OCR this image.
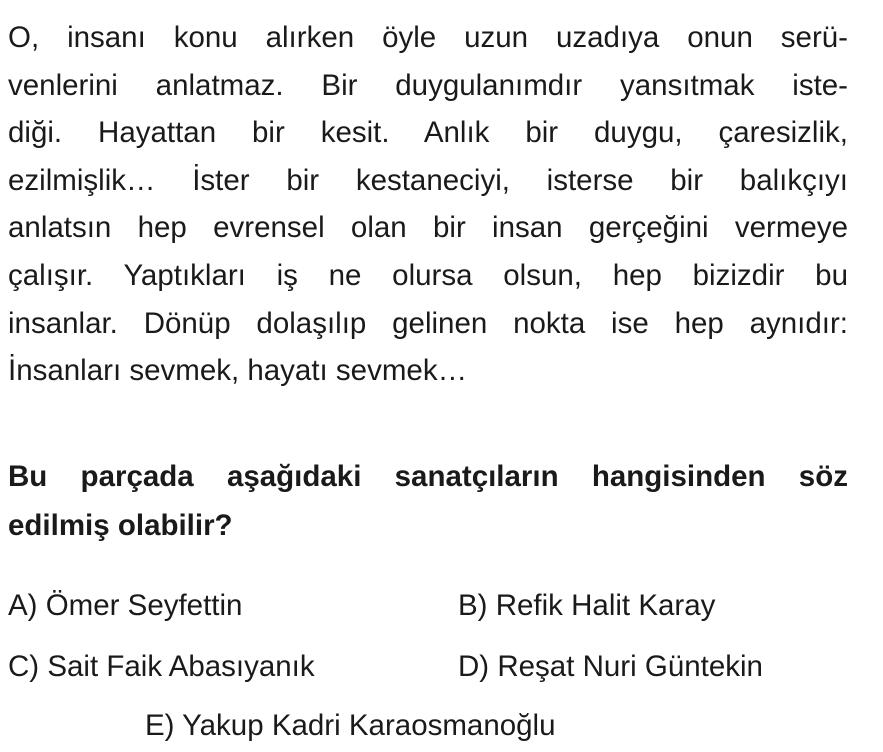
O, insanı konu alırken öyle uzun uzadıya onun serü-
venlerini anlatmaz. Bir duygulanımdır yansıtmak iste-
diği. Hayattan bir kesit. Anlık bir duygu, çaresizlik,
ezilmişlik… İster bir kestaneciyi, isterse bir balıkçıyı
anlatsın hep evrensel olan bir insan gerçeğini vermeye
çalışır. Yaptıkları iş ne olursa olsun, hep bizizdir bu
insanlar. Dönüp dolaşılıp gelinen nokta ise hep aynıdır:
İnsanları sevmek, hayatı sevmek…
Bu parçada aşağıdaki sanatçıların hangisinden söz
edilmiş olabilir?
A) Ömer Seyfettin	B) Refik Halit Karay
C) Sait Faik Abasıyanık	D) Reşat Nuri Güntekin
E) Yakup Kadri Karaosmanoğlu
